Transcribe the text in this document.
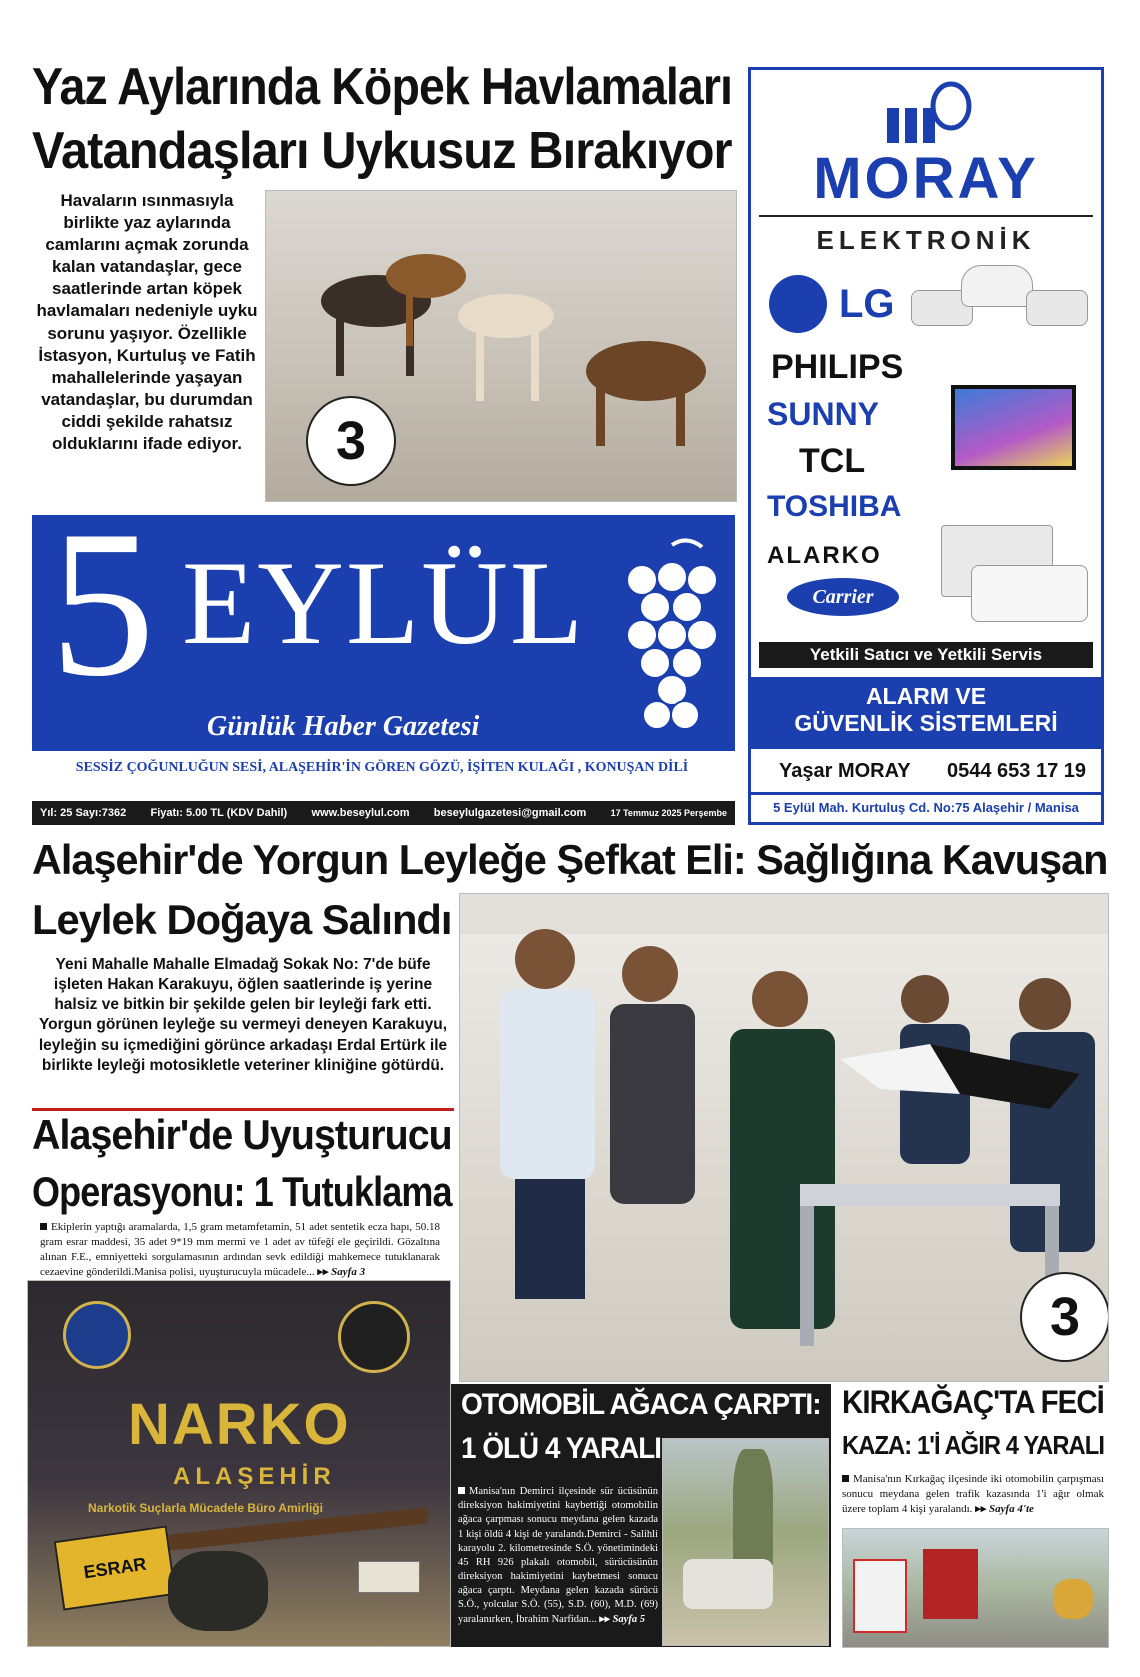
Yaz Aylarında Köpek Havlamaları
Vatandaşları Uykusuz Bırakıyor
Havaların ısınmasıyla birlikte yaz aylarında camlarını açmak zorunda kalan vatandaşlar, gece saatlerinde artan köpek havlamaları nedeniyle uyku sorunu yaşıyor. Özellikle İstasyon, Kurtuluş ve Fatih mahallelerinde yaşayan vatandaşlar, bu durumdan ciddi şekilde rahatsız olduklarını ifade ediyor.	3
5 EYLÜL
Günlük Haber Gazetesi
SESSİZ ÇOĞUNLUĞUN SESİ, ALAŞEHİR'İN GÖREN GÖZÜ, İŞİTEN KULAĞI , KONUŞAN DİLİ
Yıl: 25 Sayı:7362 Fiyatı: 5.00 TL (KDV Dahil) www.beseylul.com beseylulgazetesi@gmail.com	17 Temmuz 2025 Perşembe
MORAY
ELEKTRONİK
LG
PHILIPS
SUNNY
TCL
TOSHIBA
ALARKO
Carrier
Yetkili Satıcı ve Yetkili Servis
ALARM VE
GÜVENLİK SİSTEMLERİ
Yaşar MORAY 0544 653 17 19
5 Eylül Mah. Kurtuluş Cd. No:75 Alaşehir / Manisa
Alaşehir'de Yorgun Leyleğe Şefkat Eli: Sağlığına Kavuşan
Leylek Doğaya Salındı
Yeni Mahalle Mahalle Elmadağ Sokak No: 7'de büfe işleten Hakan Karakuyu, öğlen saatlerinde iş yerine halsiz ve bitkin bir şekilde gelen bir leyleği fark etti. Yorgun görünen leyleğe su vermeyi deneyen Karakuyu, leyleğin su içmediğini görünce arkadaşı Erdal Ertürk ile birlikte leyleği motosikletle veteriner kliniğine götürdü.
3
Alaşehir'de Uyuşturucu
Operasyonu: 1 Tutuklama
Ekiplerin yaptığı aramalarda, 1,5 gram metamfetamin, 51 adet sentetik ecza hapı, 50.18 gram esrar maddesi, 35 adet 9*19 mm mermi ve 1 adet av tüfeği ele geçirildi. Gözaltına alınan F.E., emniyetteki sorgulamasının ardından sevk edildiği mahkemece tutuklanarak cezaevine gönderildi.Manisa polisi, uyuşturucuyla mücadele... ▸▸ Sayfa 3
NARKO
ALAŞEHİR
Narkotik Suçlarla Mücadele Büro Amirliği
ESRAR
OTOMOBİL AĞACA ÇARPTI:
1 ÖLÜ 4 YARALI
Manisa'nın Demirci ilçesinde sür ücüsünün direksiyon hakimiyetini kaybettiği otomobilin ağaca çarpması sonucu meydana gelen kazada 1 kişi öldü 4 kişi de yaralandı.Demirci - Salihli karayolu 2. kilometresinde S.Ö. yönetimindeki 45 RH 926 plakalı otomobil, sürücüsünün direksiyon hakimiyetini kaybetmesi sonucu ağaca çarptı. Meydana gelen kazada sürücü S.Ö., yolcular S.Ö. (55), S.D. (60), M.D. (69) yaralanırken, İbrahim Narfidan... ▸▸ Sayfa 5
KIRKAĞAÇ'TA FECİ
KAZA: 1'İ AĞIR 4 YARALI
Manisa'nın Kırkağaç ilçesinde iki otomobilin çarpışması sonucu meydana gelen trafik kazasında 1'i ağır olmak üzere toplam 4 kişi yaralandı. ▸▸ Sayfa 4'te
